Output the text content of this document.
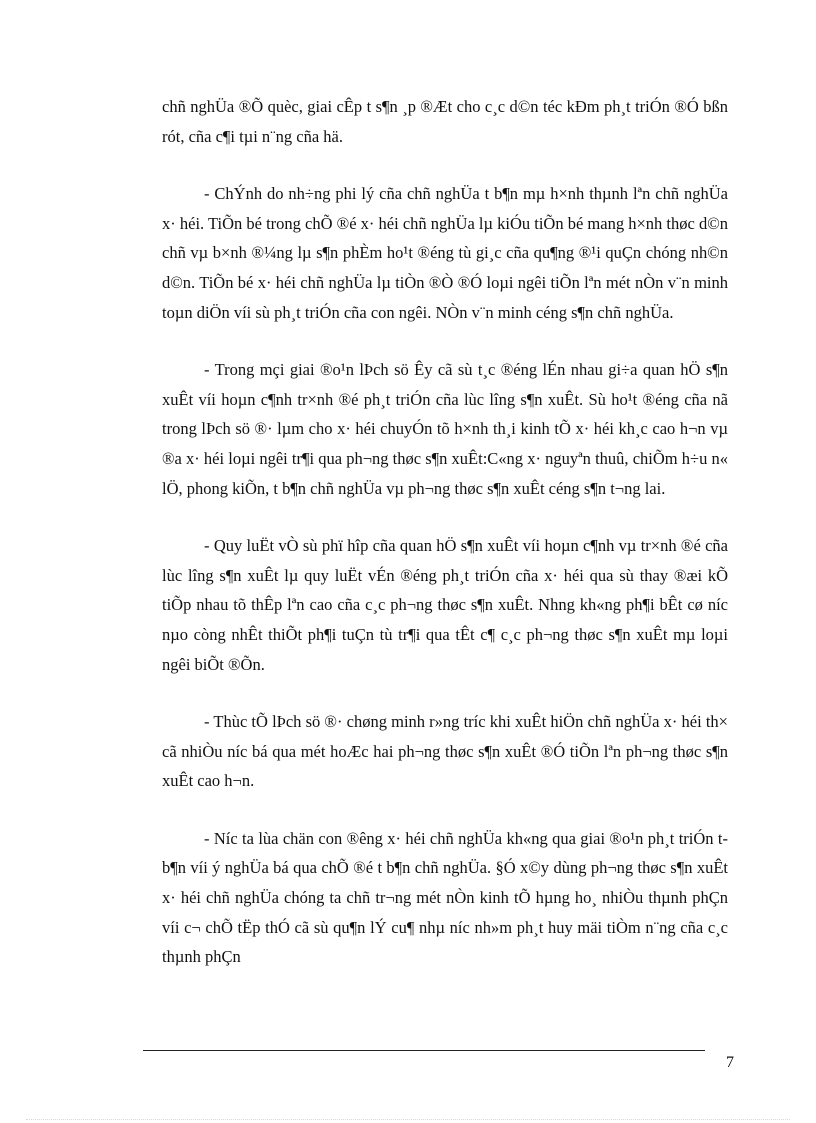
chñ nghÜa ®Õ quèc, giai cÊp t s¶n ¸p ®Æt cho c¸c d©n téc kÐm ph¸t triÓn ®Ó bßn rót, cña c¶i tµi n¨ng cña hä.

- ChÝnh do nh÷ng phi lý cña chñ nghÜa t b¶n mµ h×nh thµnh lªn chñ nghÜa x· héi. TiÕn bé trong chÕ ®é x· héi chñ nghÜa lµ kiÓu tiÕn bé mang h×nh thøc d©n chñ vµ b×nh ®¼ng lµ s¶n phÈm ho¹t ®éng tù gi¸c cña qu¶ng ®¹i quÇn chóng nh©n d©n. TiÕn bé x· héi chñ nghÜa lµ tiÒn ®Ò ®Ó loµi ngêi tiÕn lªn mét nÒn v¨n minh toµn diÖn víi sù ph¸t triÓn cña con ngêi. NÒn v¨n minh céng s¶n chñ nghÜa.

- Trong mçi giai ®o¹n lÞch sö Êy cã sù t¸c ®éng lÉn nhau gi÷a quan hÖ s¶n xuÊt víi hoµn c¶nh tr×nh ®é ph¸t triÓn cña lùc lîng s¶n xuÊt. Sù ho¹t ®éng cña nã trong lÞch sö ®· lµm cho x· héi chuyÓn tõ h×nh th¸i kinh tÕ x· héi kh¸c cao h¬n vµ ®a x· héi loµi ngêi tr¶i qua ph¬ng thøc s¶n xuÊt:C«ng x· nguyªn thuû, chiÕm h÷u n« lÖ, phong kiÕn, t b¶n chñ nghÜa vµ ph¬ng thøc s¶n xuÊt céng s¶n t¬ng lai.

- Quy luËt vÒ sù phï hîp cña quan hÖ s¶n xuÊt víi hoµn c¶nh vµ tr×nh ®é cña lùc lîng s¶n xuÊt lµ quy luËt vÉn ®éng ph¸t triÓn cña x· héi qua sù thay ®æi kÕ tiÕp nhau tõ thÊp lªn cao cña c¸c ph¬ng thøc s¶n xuÊt. Nhng kh«ng ph¶i bÊt cø níc nµo còng nhÊt thiÕt ph¶i tuÇn tù tr¶i qua tÊt c¶ c¸c ph¬ng thøc s¶n xuÊt mµ loµi ngêi biÕt ®Õn.

- Thùc tÕ lÞch sö ®· chøng minh r»ng tríc khi xuÊt hiÖn chñ nghÜa x· héi th× cã nhiÒu níc bá qua mét hoÆc hai ph¬ng thøc s¶n xuÊt ®Ó tiÕn lªn ph¬ng thøc s¶n xuÊt cao h¬n.

- Níc ta lùa chän con ®êng x· héi chñ nghÜa kh«ng qua giai ®o¹n ph¸t triÓn t b¶n víi ý nghÜa bá qua chÕ ®é t b¶n chñ nghÜa. §Ó x©y dùng ph¬ng thøc s¶n xuÊt x· héi chñ nghÜa chóng ta chñ tr¬ng mét nÒn kinh tÕ hµng ho¸ nhiÒu thµnh phÇn víi c¬ chÕ tËp thÓ cã sù qu¶n lÝ cu¶ nhµ níc nh»m ph¸t huy mäi tiÒm n¨ng cña c¸c thµnh phÇn

7
